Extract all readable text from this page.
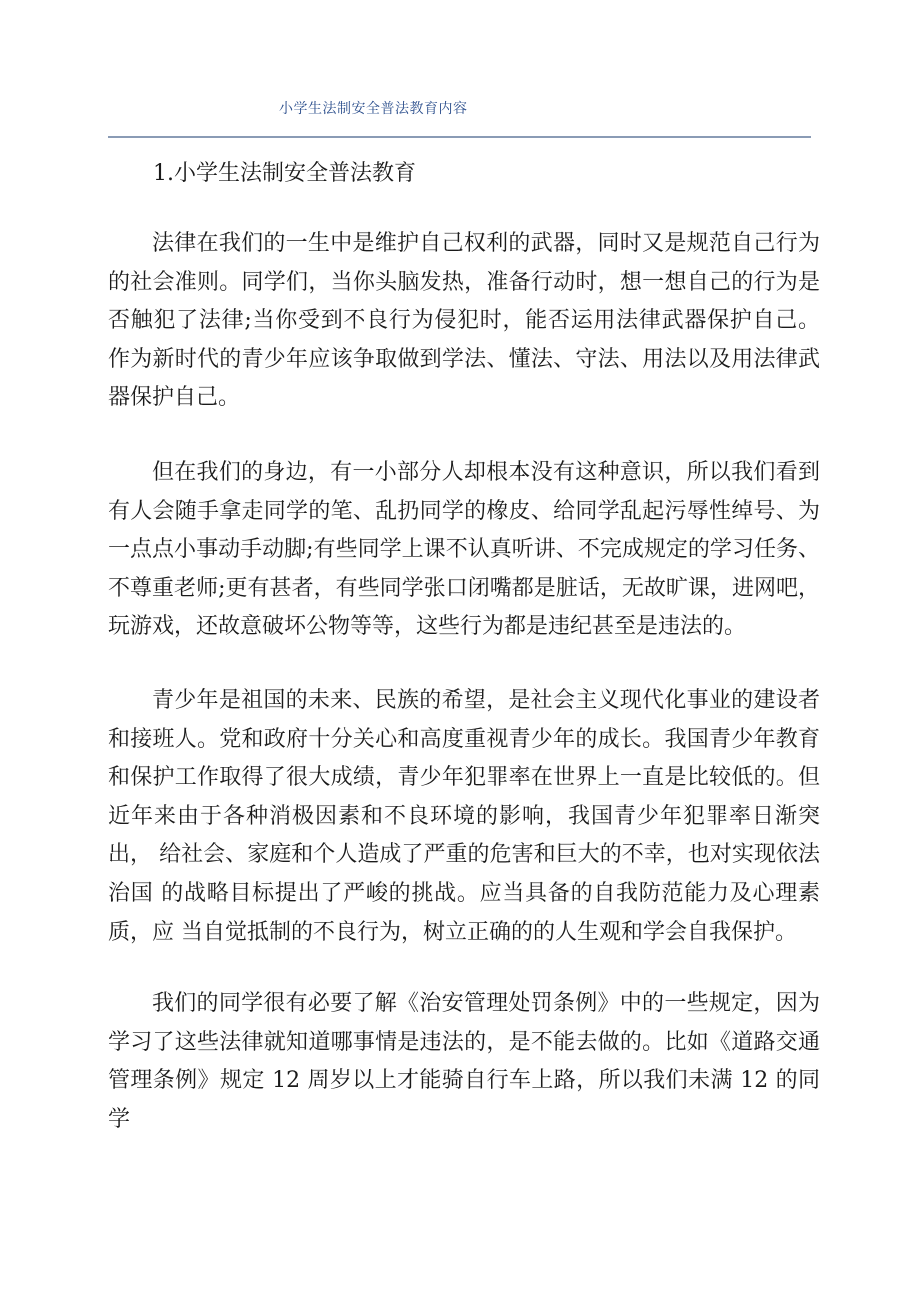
小学生法制安全普法教育内容
1.小学生法制安全普法教育

法律在我们的一生中是维护自己权利的武器，同时又是规范自己行为的社会准则。同学们，当你头脑发热，准备行动时，想一想自己的行为是否触犯了法律;当你受到不良行为侵犯时，能否运用法律武器保护自己。 作为新时代的青少年应该争取做到学法、懂法、守法、用法以及用法律武 器保护自己。

但在我们的身边，有一小部分人却根本没有这种意识，所以我们看到 有人会随手拿走同学的笔、乱扔同学的橡皮、给同学乱起污辱性绰号、为 一点点小事动手动脚;有些同学上课不认真听讲、不完成规定的学习任务、 不尊重老师;更有甚者，有些同学张口闭嘴都是脏话，无故旷课，进网吧， 玩游戏，还故意破坏公物等等，这些行为都是违纪甚至是违法的。

青少年是祖国的未来、民族的希望，是社会主义现代化事业的建设者 和接班人。党和政府十分关心和高度重视青少年的成长。我国青少年教育 和保护工作取得了很大成绩，青少年犯罪率在世界上一直是比较低的。但 近年来由于各种消极因素和不良环境的影响，我国青少年犯罪率日渐突出， 给社会、家庭和个人造成了严重的危害和巨大的不幸，也对实现依法治国 的战略目标提出了严峻的挑战。应当具备的自我防范能力及心理素质，应 当自觉抵制的不良行为，树立正确的的人生观和学会自我保护。

我们的同学很有必要了解《治安管理处罚条例》中的一些规定，因为学习了这些法律就知道哪事情是违法的，是不能去做的。比如《道路交通管理条例》规定 12 周岁以上才能骑自行车上路，所以我们未满 12 的同学
